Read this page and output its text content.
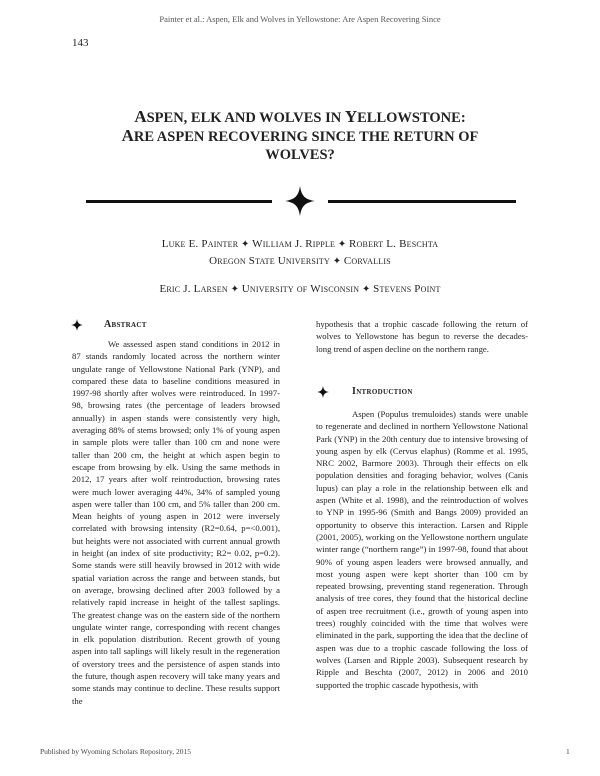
Painter et al.: Aspen, Elk and Wolves in Yellowstone: Are Aspen Recovering Since
143
ASPEN, ELK AND WOLVES IN YELLOWSTONE:
ARE ASPEN RECOVERING SINCE THE RETURN OF
WOLVES?
Luke E. Painter ✦ William J. Ripple ✦ Robert L. Beschta
Oregon State University ✦ Corvallis
Eric J. Larsen ✦ University of Wisconsin ✦ Stevens Point
Abstract

We assessed aspen stand conditions in 2012 in 87 stands randomly located across the northern winter ungulate range of Yellowstone National Park (YNP), and compared these data to baseline conditions measured in 1997-98 shortly after wolves were reintroduced. In 1997-98, browsing rates (the percentage of leaders browsed annually) in aspen stands were consistently very high, averaging 88% of stems browsed; only 1% of young aspen in sample plots were taller than 100 cm and none were taller than 200 cm, the height at which aspen begin to escape from browsing by elk. Using the same methods in 2012, 17 years after wolf reintroduction, browsing rates were much lower averaging 44%, 34% of sampled young aspen were taller than 100 cm, and 5% taller than 200 cm. Mean heights of young aspen in 2012 were inversely correlated with browsing intensity (R2=0.64, p=<0.001), but heights were not associated with current annual growth in height (an index of site productivity; R2= 0.02, p=0.2). Some stands were still heavily browsed in 2012 with wide spatial variation across the range and between stands, but on average, browsing declined after 2003 followed by a relatively rapid increase in height of the tallest saplings. The greatest change was on the eastern side of the northern ungulate winter range, corresponding with recent changes in elk population distribution. Recent growth of young aspen into tall saplings will likely result in the regeneration of overstory trees and the persistence of aspen stands into the future, though aspen recovery will take many years and some stands may continue to decline. These results support the

hypothesis that a trophic cascade following the return of wolves to Yellowstone has begun to reverse the decades-long trend of aspen decline on the northern range.

Introduction

Aspen (Populus tremuloides) stands were unable to regenerate and declined in northern Yellowstone National Park (YNP) in the 20th century due to intensive browsing of young aspen by elk (Cervus elaphus) (Romme et al. 1995, NRC 2002, Barmore 2003). Through their effects on elk population densities and foraging behavior, wolves (Canis lupus) can play a role in the relationship between elk and aspen (White et al. 1998), and the reintroduction of wolves to YNP in 1995-96 (Smith and Bangs 2009) provided an opportunity to observe this interaction. Larsen and Ripple (2001, 2005), working on the Yellowstone northern ungulate winter range (“northern range”) in 1997-98, found that about 90% of young aspen leaders were browsed annually, and most young aspen were kept shorter than 100 cm by repeated browsing, preventing stand regeneration. Through analysis of tree cores, they found that the historical decline of aspen tree recruitment (i.e., growth of young aspen into trees) roughly coincided with the time that wolves were eliminated in the park, supporting the idea that the decline of aspen was due to a trophic cascade following the loss of wolves (Larsen and Ripple 2003). Subsequent research by Ripple and Beschta (2007, 2012) in 2006 and 2010 supported the trophic cascade hypothesis, with

Published by Wyoming Scholars Repository, 2015	1
